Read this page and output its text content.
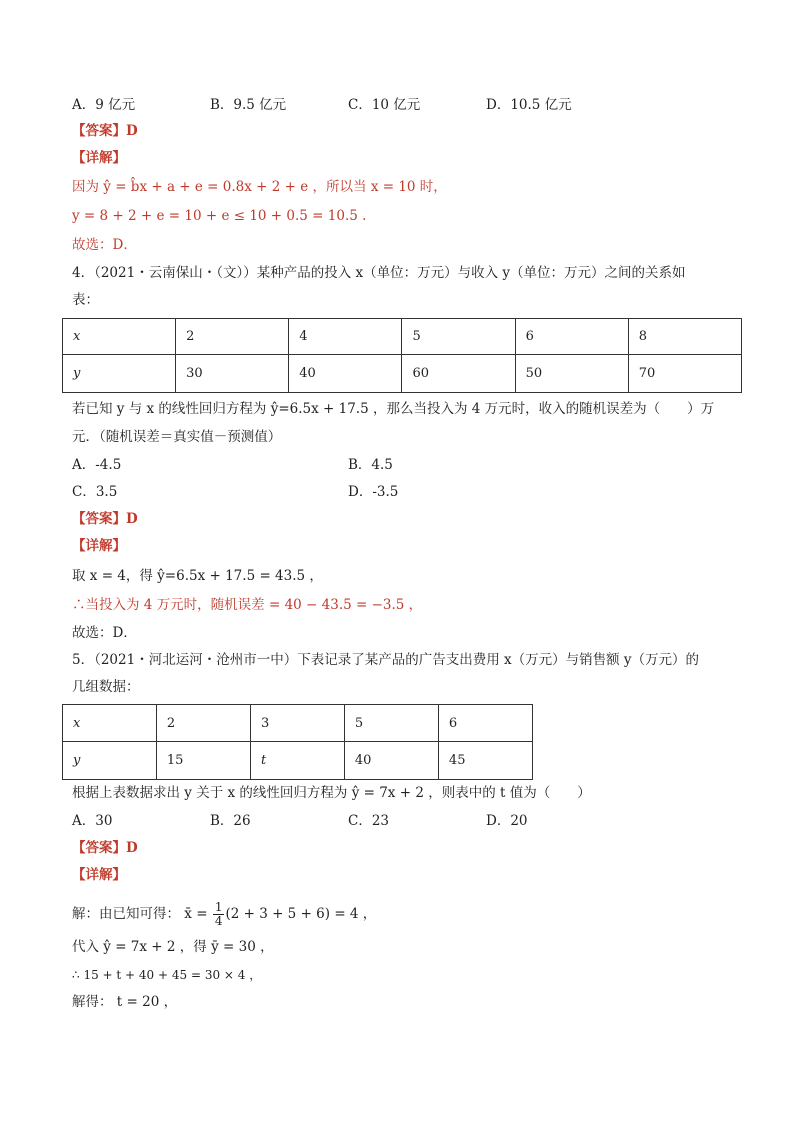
A．9 亿元	B．9.5 亿元	C．10 亿元	D．10.5 亿元
【答案】D
【详解】
因为 ŷ = b̂x + a + e = 0.8x + 2 + e ，所以当 x = 10 时，
y = 8 + 2 + e = 10 + e ≤ 10 + 0.5 = 10.5 .
故选：D．
4．（2021・云南保山・（文））某种产品的投入 x（单位：万元）与收入 y（单位：万元）之间的关系如
表：
x	2	4	5	6	8
y	30	40	60	50	70
若已知 y 与 x 的线性回归方程为 ŷ=6.5x + 17.5 ，那么当投入为 4 万元时，收入的随机误差为（　　）万
元．（随机误差＝真实值－预测值）
A．-4.5	B．4.5
C．3.5	D．-3.5
【答案】D
【详解】
取 x = 4，得 ŷ=6.5x + 17.5 = 43.5 ，
∴当投入为 4 万元时，随机误差 = 40 − 43.5 = −3.5 ，
故选：D．
5．（2021・河北运河・沧州市一中）下表记录了某产品的广告支出费用 x（万元）与销售额 y（万元）的
几组数据：
x	2	3	5	6
y	15	t	40	45
根据上表数据求出 y 关于 x 的线性回归方程为 ŷ = 7x + 2 ，则表中的 t 值为（　　）
A．30	B．26	C．23	D．20
【答案】D
【详解】
解：由已知可得： x̄ = $\frac{1}{4} (2 + 3 + 5 + 6) = 4$ ，
代入 ŷ = 7x + 2 ，得 ȳ = 30 ，
∴ 15 + t + 40 + 45 = 30 × 4 ，
解得： t = 20 ，
